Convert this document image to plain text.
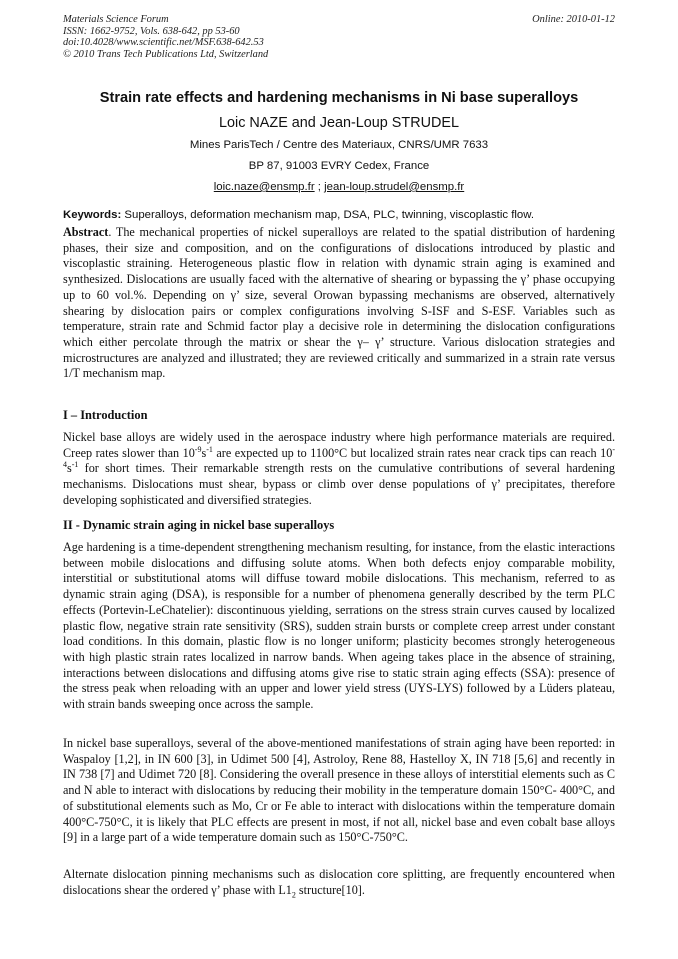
Materials Science Forum
ISSN: 1662-9752, Vols. 638-642, pp 53-60
doi:10.4028/www.scientific.net/MSF.638-642.53
© 2010 Trans Tech Publications Ltd, Switzerland
Online: 2010-01-12
Strain rate effects and hardening mechanisms in Ni base superalloys
Loic NAZE and Jean-Loup STRUDEL
Mines ParisTech / Centre des Materiaux, CNRS/UMR 7633
BP 87, 91003 EVRY Cedex, France
loic.naze@ensmp.fr ; jean-loup.strudel@ensmp.fr
Keywords: Superalloys, deformation mechanism map, DSA, PLC, twinning, viscoplastic flow.
Abstract. The mechanical properties of nickel superalloys are related to the spatial distribution of hardening phases, their size and composition, and on the configurations of dislocations introduced by plastic and viscoplastic straining. Heterogeneous plastic flow in relation with dynamic strain aging is examined and synthesized. Dislocations are usually faced with the alternative of shearing or bypassing the γ’ phase occupying up to 60 vol.%. Depending on γ’ size, several Orowan bypassing mechanisms are observed, alternatively shearing by dislocation pairs or complex configurations involving S-ISF and S-ESF. Variables such as temperature, strain rate and Schmid factor play a decisive role in determining the dislocation configurations which either percolate through the matrix or shear the γ– γ’ structure. Various dislocation strategies and microstructures are analyzed and illustrated; they are reviewed critically and summarized in a strain rate versus 1/T mechanism map.
I – Introduction
Nickel base alloys are widely used in the aerospace industry where high performance materials are required. Creep rates slower than $10^{-9}s^{-1}$ are expected up to 1100°C but localized strain rates near crack tips can reach $10^{-4}s^{-1}$ for short times. Their remarkable strength rests on the cumulative contributions of several hardening mechanisms. Dislocations must shear, bypass or climb over dense populations of γ’ precipitates, therefore developing sophisticated and diversified strategies.
II - Dynamic strain aging in nickel base superalloys
Age hardening is a time-dependent strengthening mechanism resulting, for instance, from the elastic interactions between mobile dislocations and diffusing solute atoms. When both defects enjoy comparable mobility, interstitial or substitutional atoms will diffuse toward mobile dislocations. This mechanism, referred to as dynamic strain aging (DSA), is responsible for a number of phenomena generally described by the term PLC effects (Portevin-LeChatelier): discontinuous yielding, serrations on the stress strain curves caused by localized plastic flow, negative strain rate sensitivity (SRS), sudden strain bursts or complete creep arrest under constant load conditions. In this domain, plastic flow is no longer uniform; plasticity becomes strongly heterogeneous with high plastic strain rates localized in narrow bands. When ageing takes place in the absence of straining, interactions between dislocations and diffusing atoms give rise to static strain aging effects (SSA): presence of the stress peak when reloading with an upper and lower yield stress (UYS-LYS) followed by a Lüders plateau, with strain bands sweeping once across the sample.
In nickel base superalloys, several of the above-mentioned manifestations of strain aging have been reported: in Waspaloy [1,2], in IN 600 [3], in Udimet 500 [4], Astroloy, Rene 88, Hastelloy X, IN 718 [5,6] and recently in IN 738 [7] and Udimet 720 [8]. Considering the overall presence in these alloys of interstitial elements such as C and N able to interact with dislocations by reducing their mobility in the temperature domain 150°C- 400°C, and of substitutional elements such as Mo, Cr or Fe able to interact with dislocations within the temperature domain 400°C-750°C, it is likely that PLC effects are present in most, if not all, nickel base and even cobalt base alloys [9] in a large part of a wide temperature domain such as 150°C-750°C.
Alternate dislocation pinning mechanisms such as dislocation core splitting, are frequently encountered when dislocations shear the ordered γ’ phase with $L1_2$ structure[10].
